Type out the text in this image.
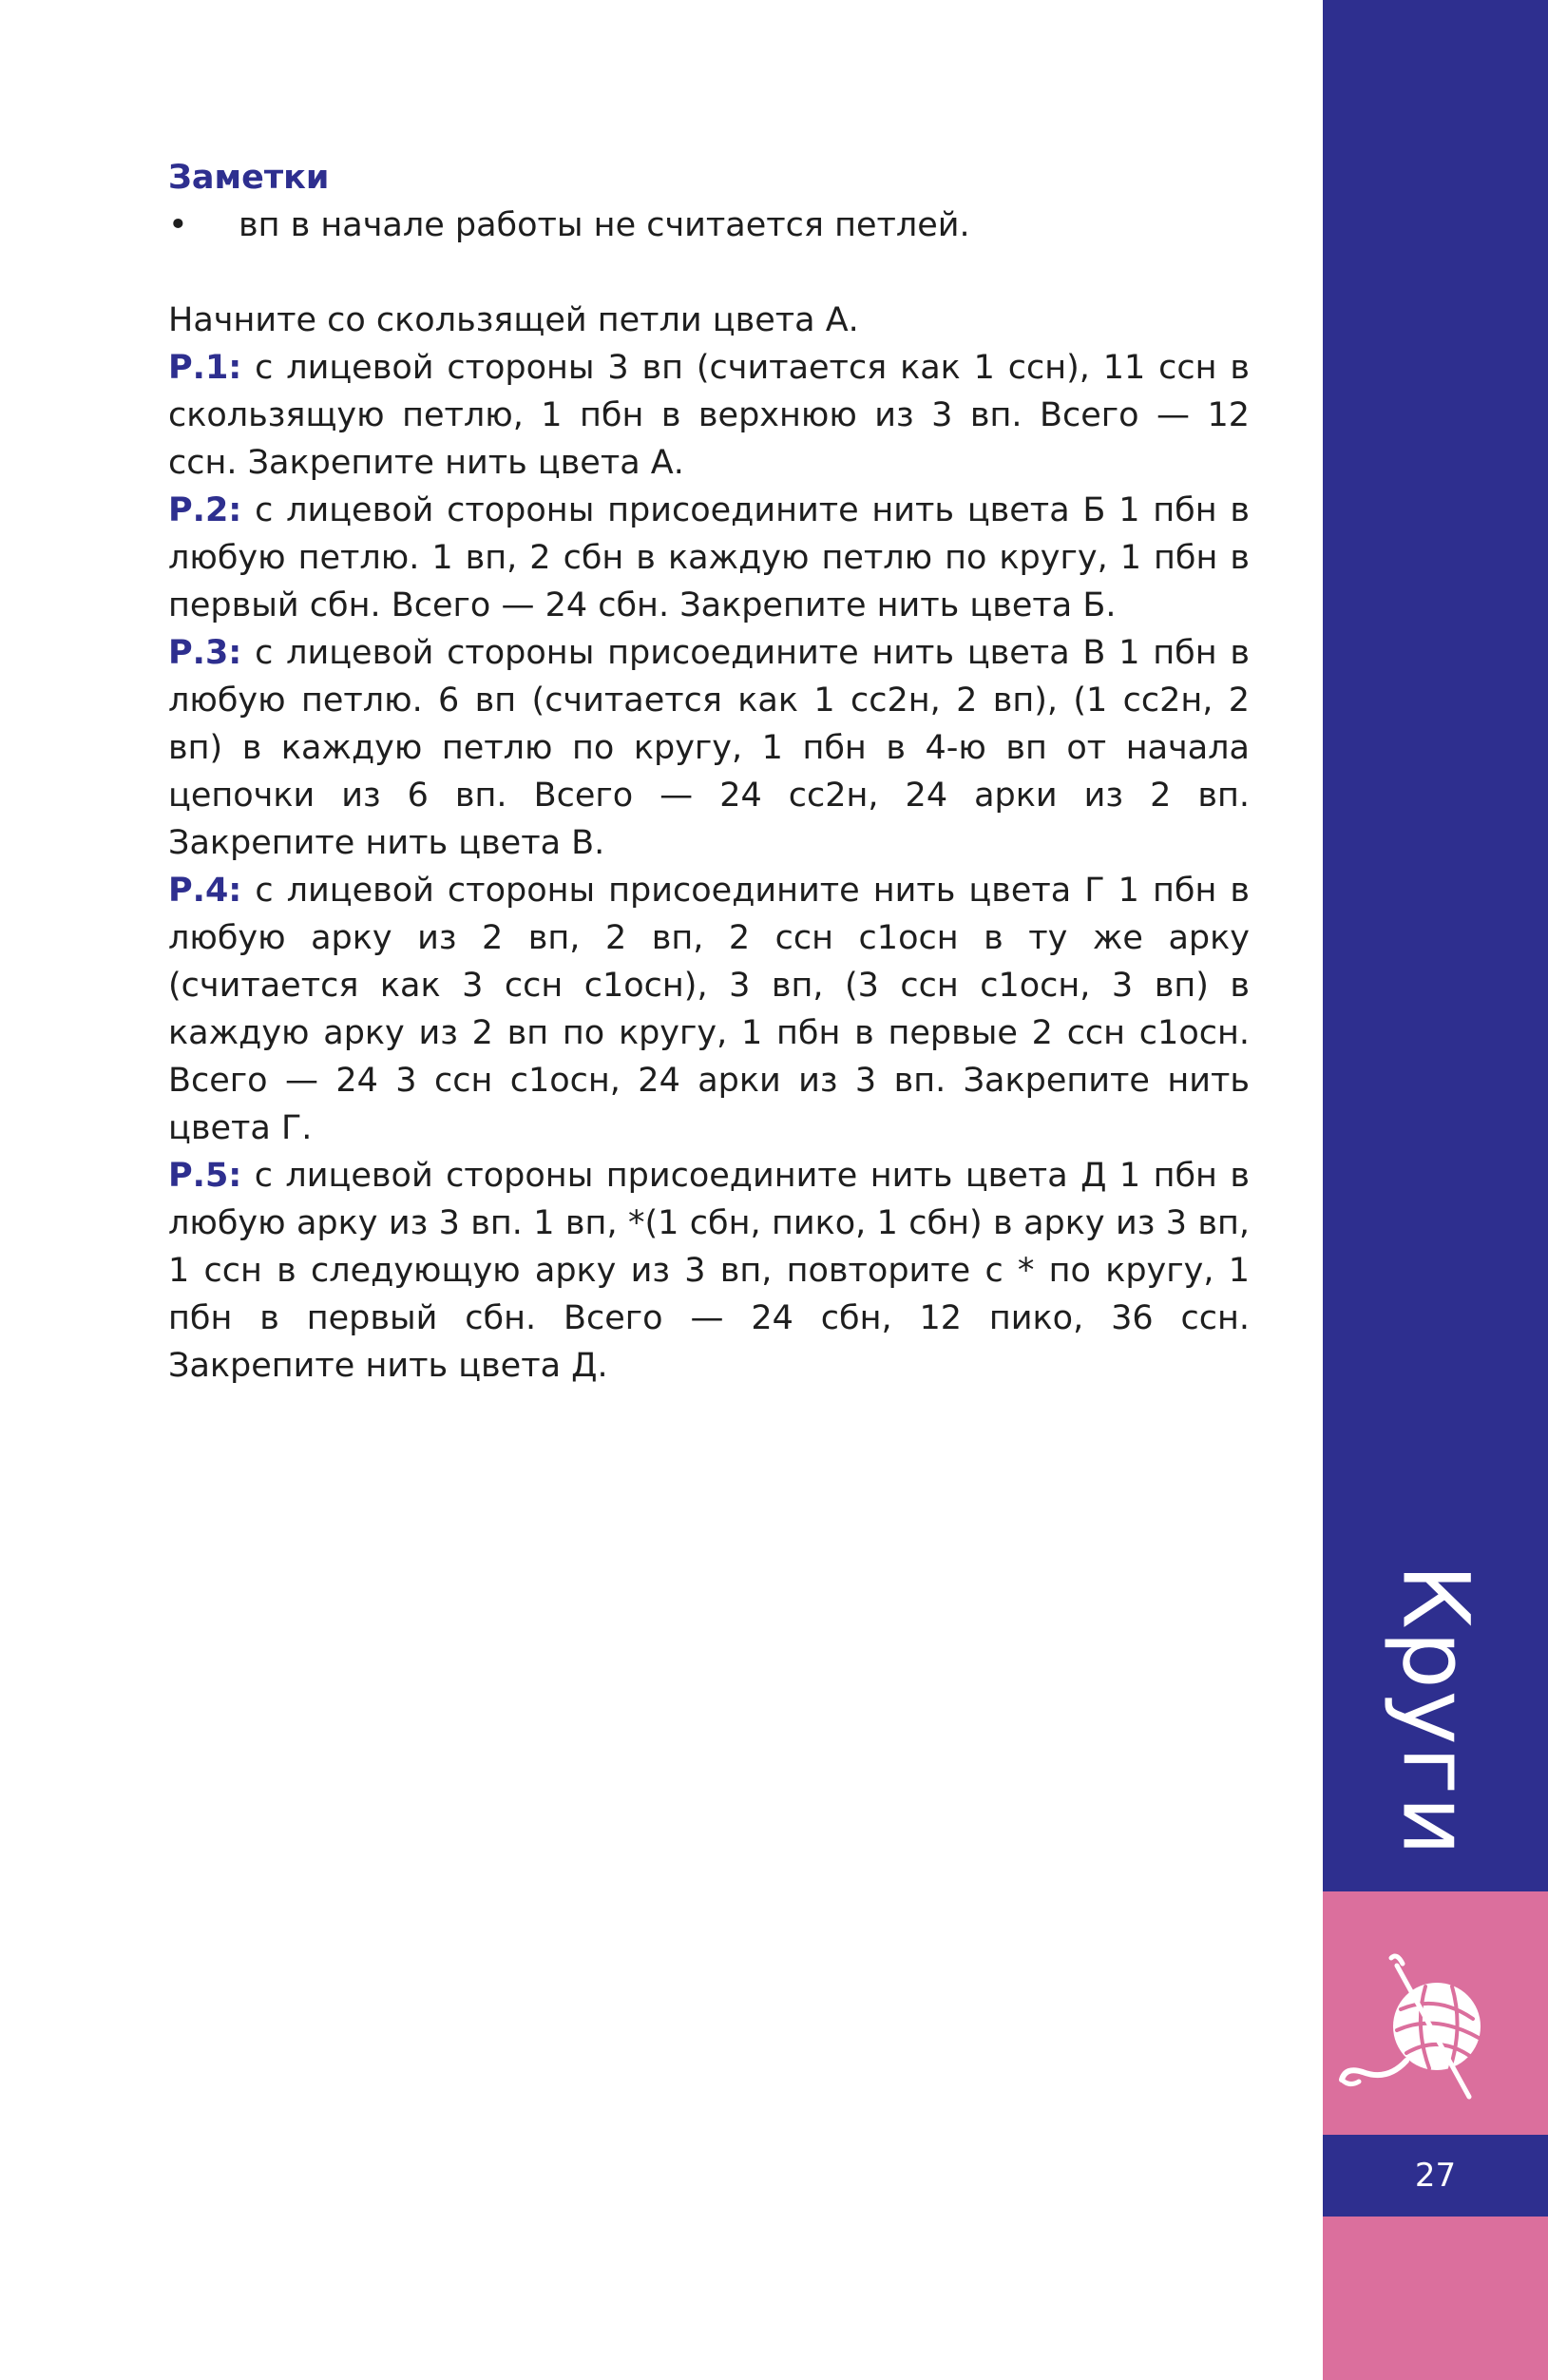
Заметки

•	вп в начале работы не считается петлей.

Начните со скользящей петли цвета А.

Р.1: с лицевой стороны 3 вп (считается как 1 ссн), 11 ссн в скользящую петлю, 1 пбн в верхнюю из 3 вп. Всего — 12 ссн. Закрепите нить цвета А.

Р.2: с лицевой стороны присоедините нить цвета Б 1 пбн в любую петлю. 1 вп, 2 сбн в каждую петлю по кругу, 1 пбн в первый сбн. Всего — 24 сбн. Закрепите нить цвета Б.

Р.3: с лицевой стороны присоедините нить цвета В 1 пбн в любую петлю. 6 вп (считается как 1 сс2н, 2 вп), (1 сс2н, 2 вп) в каждую петлю по кругу, 1 пбн в 4-ю вп от начала цепочки из 6 вп. Всего — 24 сс2н, 24 арки из 2 вп. Закрепите нить цвета В.

Р.4: с лицевой стороны присоедините нить цвета Г 1 пбн в любую арку из 2 вп, 2 вп, 2 ссн с1осн в ту же арку (считается как 3 ссн с1осн), 3 вп, (3 ссн с1осн, 3 вп) в каждую арку из 2 вп по кругу, 1 пбн в первые 2 ссн с1осн. Всего — 24 3 ссн с1осн, 24 арки из 3 вп. Закрепите нить цвета Г.

Р.5: с лицевой стороны присоедините нить цвета Д 1 пбн в любую арку из 3 вп. 1 вп, *(1 сбн, пико, 1 сбн) в арку из 3 вп, 1 ссн в следующую арку из 3 вп, повторите с * по кругу, 1 пбн в первый сбн. Всего — 24 сбн, 12 пико, 36 ссн. Закрепите нить цвета Д.

Круги
27
